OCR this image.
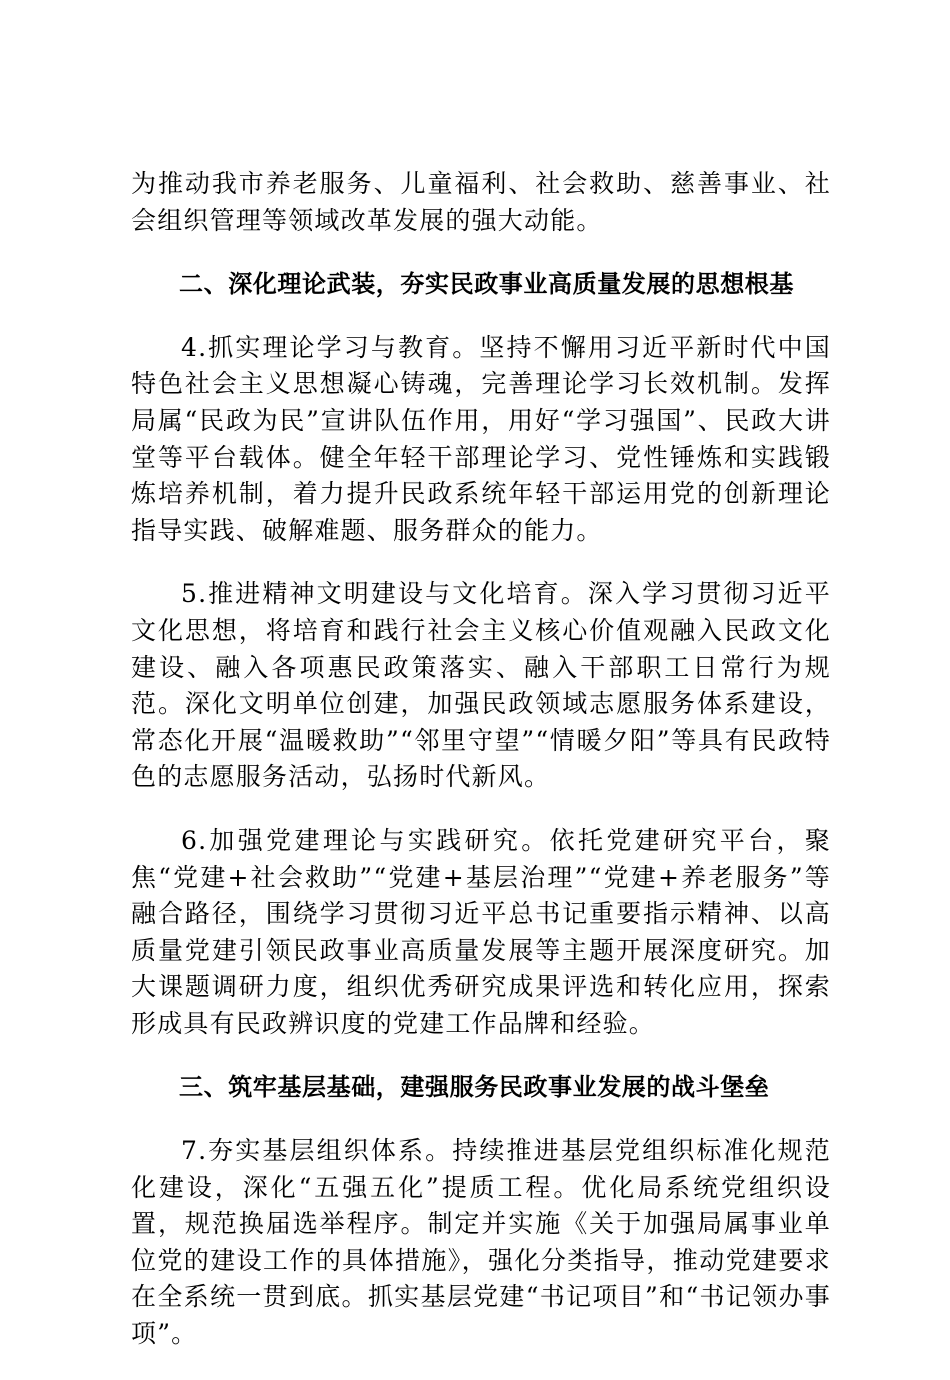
为推动我市养老服务、儿童福利、社会救助、慈善事业、社会组织管理等领域改革发展的强大动能。

二、深化理论武装，夯实民政事业高质量发展的思想根基

4.抓实理论学习与教育。坚持不懈用习近平新时代中国特色社会主义思想凝心铸魂，完善理论学习长效机制。发挥局属“民政为民”宣讲队伍作用，用好“学习强国”、民政大讲堂等平台载体。健全年轻干部理论学习、党性锤炼和实践锻炼培养机制，着力提升民政系统年轻干部运用党的创新理论指导实践、破解难题、服务群众的能力。

5.推进精神文明建设与文化培育。深入学习贯彻习近平文化思想，将培育和践行社会主义核心价值观融入民政文化建设、融入各项惠民政策落实、融入干部职工日常行为规范。深化文明单位创建，加强民政领域志愿服务体系建设，常态化开展“温暖救助”“邻里守望”“情暖夕阳”等具有民政特色的志愿服务活动，弘扬时代新风。

6.加强党建理论与实践研究。依托党建研究平台，聚焦“党建+社会救助”“党建+基层治理”“党建+养老服务”等融合路径，围绕学习贯彻习近平总书记重要指示精神、以高质量党建引领民政事业高质量发展等主题开展深度研究。加大课题调研力度，组织优秀研究成果评选和转化应用，探索形成具有民政辨识度的党建工作品牌和经验。

三、筑牢基层基础，建强服务民政事业发展的战斗堡垒

7.夯实基层组织体系。持续推进基层党组织标准化规范化建设，深化“五强五化”提质工程。优化局系统党组织设置，规范换届选举程序。制定并实施《关于加强局属事业单位党的建设工作的具体措施》，强化分类指导，推动党建要求在全系统一贯到底。抓实基层党建“书记项目”和“书记领办事项”。
